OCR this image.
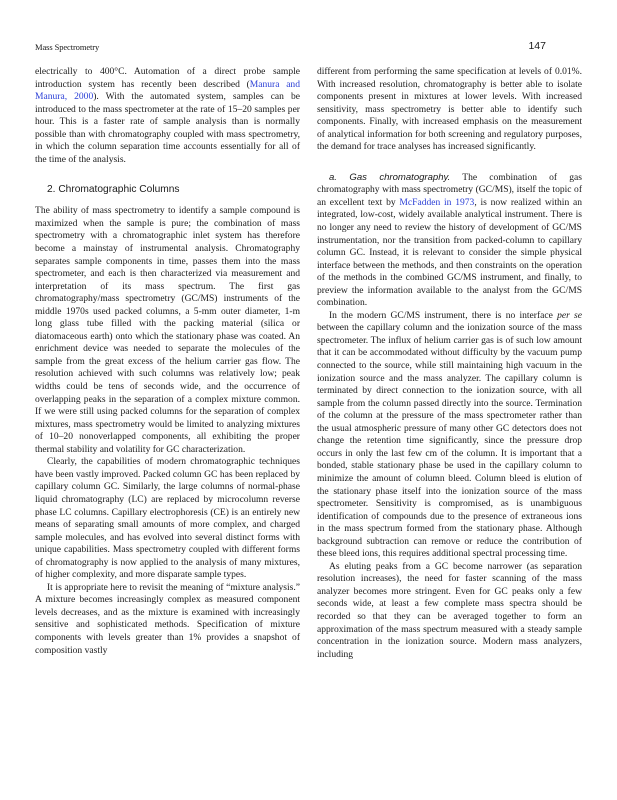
Mass Spectrometry	147

electrically to 400°C. Automation of a direct probe sample introduction system has recently been described (Manura and Manura, 2000). With the automated system, samples can be introduced to the mass spectrometer at the rate of 15–20 samples per hour. This is a faster rate of sample analysis than is normally possible than with chromatography coupled with mass spectrometry, in which the column separation time accounts essentially for all of the time of the analysis.

2. Chromatographic Columns

The ability of mass spectrometry to identify a sample compound is maximized when the sample is pure; the combination of mass spectrometry with a chromatographic inlet system has therefore become a mainstay of instrumental analysis. Chromatography separates sample components in time, passes them into the mass spectrometer, and each is then characterized via measurement and interpretation of its mass spectrum. The first gas chromatography/mass spectrometry (GC/MS) instruments of the middle 1970s used packed columns, a 5-mm outer diameter, 1-m long glass tube filled with the packing material (silica or diatomaceous earth) onto which the stationary phase was coated. An enrichment device was needed to separate the molecules of the sample from the great excess of the helium carrier gas flow. The resolution achieved with such columns was relatively low; peak widths could be tens of seconds wide, and the occurrence of overlapping peaks in the separation of a complex mixture common. If we were still using packed columns for the separation of complex mixtures, mass spectrometry would be limited to analyzing mixtures of 10–20 nonoverlapped components, all exhibiting the proper thermal stability and volatility for GC characterization.

Clearly, the capabilities of modern chromatographic techniques have been vastly improved. Packed column GC has been replaced by capillary column GC. Similarly, the large columns of normal-phase liquid chromatography (LC) are replaced by microcolumn reverse phase LC columns. Capillary electrophoresis (CE) is an entirely new means of separating small amounts of more complex, and charged sample molecules, and has evolved into several distinct forms with unique capabilities. Mass spectrometry coupled with different forms of chromatography is now applied to the analysis of many mixtures, of higher complexity, and more disparate sample types.

It is appropriate here to revisit the meaning of “mixture analysis.” A mixture becomes increasingly complex as measured component levels decreases, and as the mixture is examined with increasingly sensitive and sophisticated methods. Specification of mixture components with levels greater than 1% provides a snapshot of composition vastly

different from performing the same specification at levels of 0.01%. With increased resolution, chromatography is better able to isolate components present in mixtures at lower levels. With increased sensitivity, mass spectrometry is better able to identify such components. Finally, with increased emphasis on the measurement of analytical information for both screening and regulatory purposes, the demand for trace analyses has increased significantly.

a. Gas chromatography. The combination of gas chromatography with mass spectrometry (GC/MS), itself the topic of an excellent text by McFadden in 1973, is now realized within an integrated, low-cost, widely available analytical instrument. There is no longer any need to review the history of development of GC/MS instrumentation, nor the transition from packed-column to capillary column GC. Instead, it is relevant to consider the simple physical interface between the methods, and then constraints on the operation of the methods in the combined GC/MS instrument, and finally, to preview the information available to the analyst from the GC/MS combination.

In the modern GC/MS instrument, there is no interface per se between the capillary column and the ionization source of the mass spectrometer. The influx of helium carrier gas is of such low amount that it can be accommodated without difficulty by the vacuum pump connected to the source, while still maintaining high vacuum in the ionization source and the mass analyzer. The capillary column is terminated by direct connection to the ionization source, with all sample from the column passed directly into the source. Termination of the column at the pressure of the mass spectrometer rather than the usual atmospheric pressure of many other GC detectors does not change the retention time significantly, since the pressure drop occurs in only the last few cm of the column. It is important that a bonded, stable stationary phase be used in the capillary column to minimize the amount of column bleed. Column bleed is elution of the stationary phase itself into the ionization source of the mass spectrometer. Sensitivity is compromised, as is unambiguous identification of compounds due to the presence of extraneous ions in the mass spectrum formed from the stationary phase. Although background subtraction can remove or reduce the contribution of these bleed ions, this requires additional spectral processing time.

As eluting peaks from a GC become narrower (as separation resolution increases), the need for faster scanning of the mass analyzer becomes more stringent. Even for GC peaks only a few seconds wide, at least a few complete mass spectra should be recorded so that they can be averaged together to form an approximation of the mass spectrum measured with a steady sample concentration in the ionization source. Modern mass analyzers, including
